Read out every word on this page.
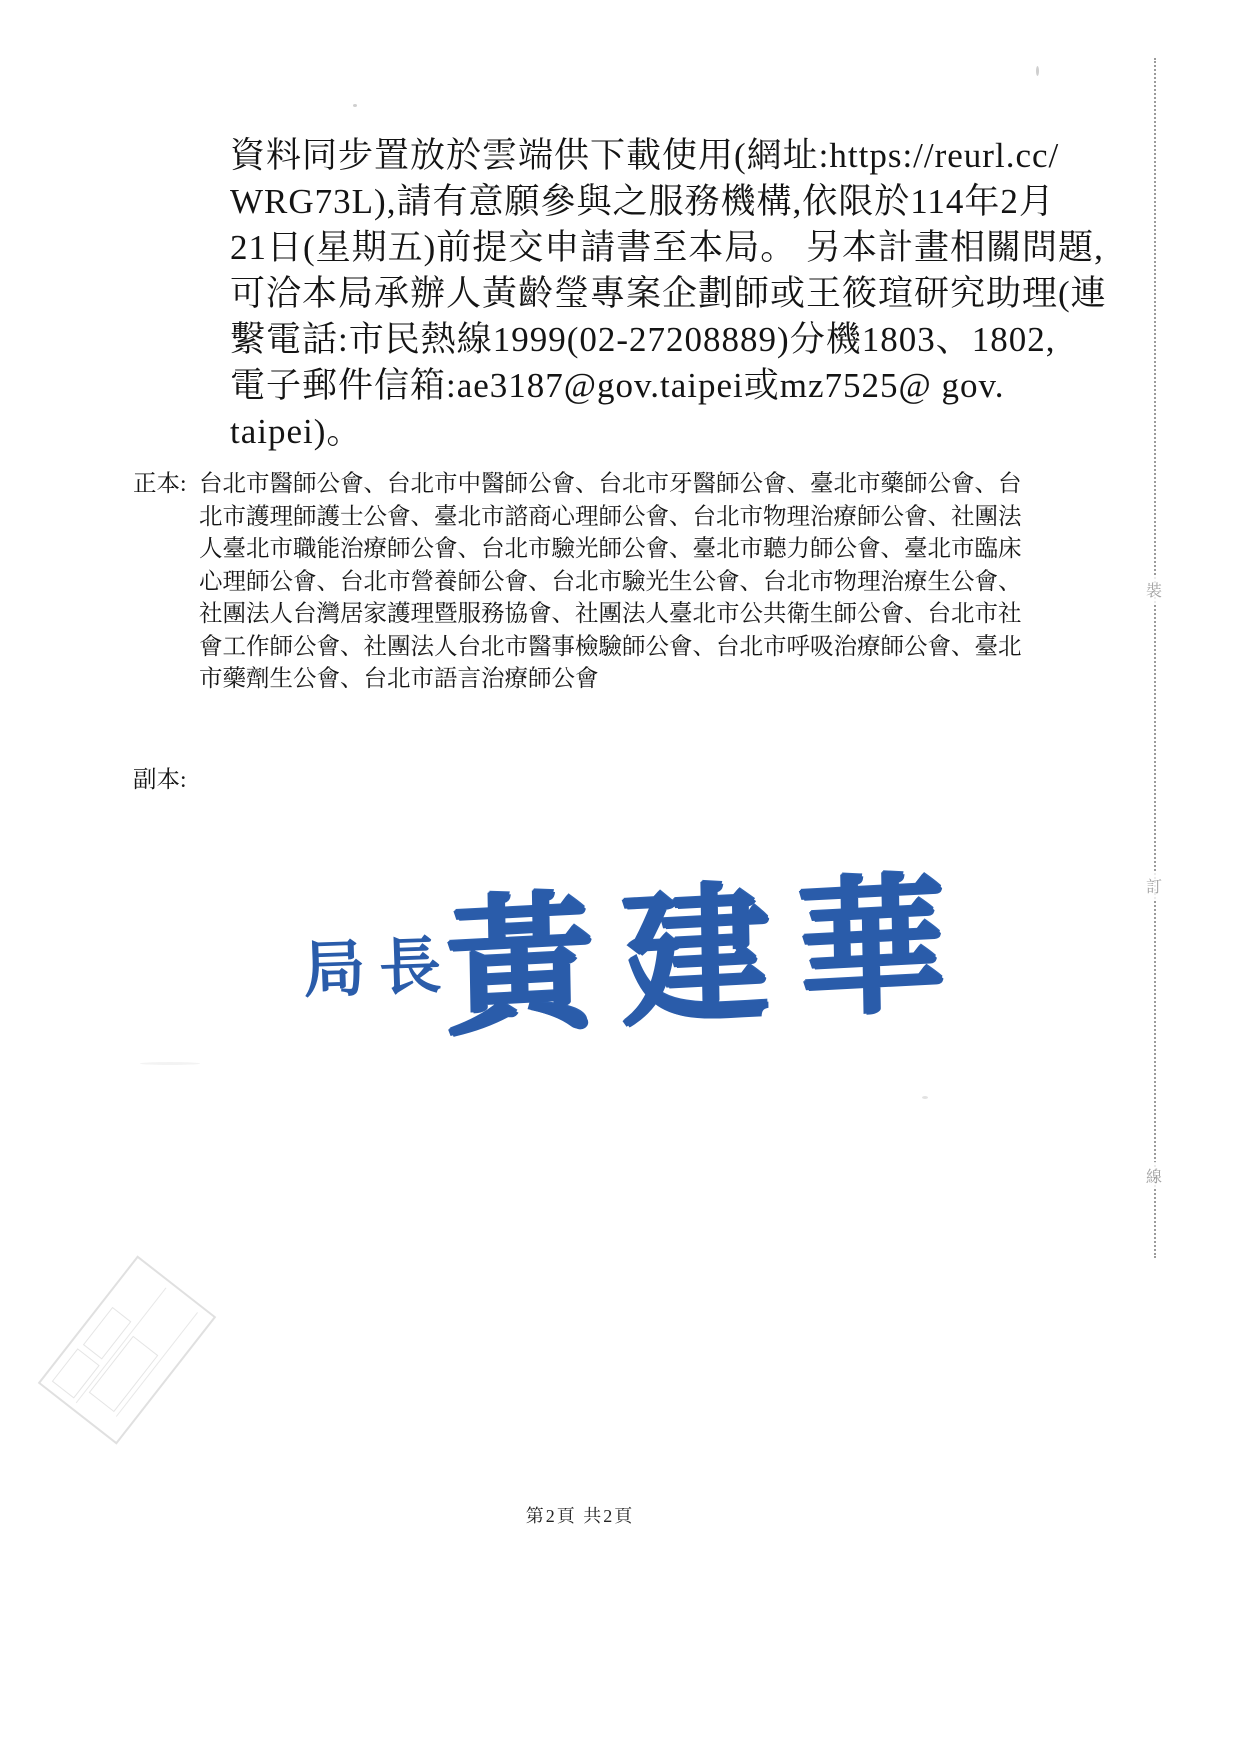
資料同步置放於雲端供下載使用(網址:https://reurl.cc/
WRG73L),請有意願參與之服務機構,依限於114年2月
21日(星期五)前提交申請書至本局。 另本計畫相關問題,
可洽本局承辦人黃齡瑩專案企劃師或王筱瑄研究助理(連
繫電話:市民熱線1999(02-27208889)分機1803、1802,
電子郵件信箱:ae3187@gov.taipei或mz7525@ gov.
taipei)。
正本: 台北市醫師公會、台北市中醫師公會、台北市牙醫師公會、臺北市藥師公會、台
北市護理師護士公會、臺北市諮商心理師公會、台北市物理治療師公會、社團法
人臺北市職能治療師公會、台北市驗光師公會、臺北市聽力師公會、臺北市臨床
心理師公會、台北市營養師公會、台北市驗光生公會、台北市物理治療生公會、
社團法人台灣居家護理暨服務協會、社團法人臺北市公共衛生師公會、台北市社
會工作師公會、社團法人台北市醫事檢驗師公會、台北市呼吸治療師公會、臺北
市藥劑生公會、台北市語言治療師公會
副本:
局長
黃建華
裝
訂
線
第2頁 共2頁
